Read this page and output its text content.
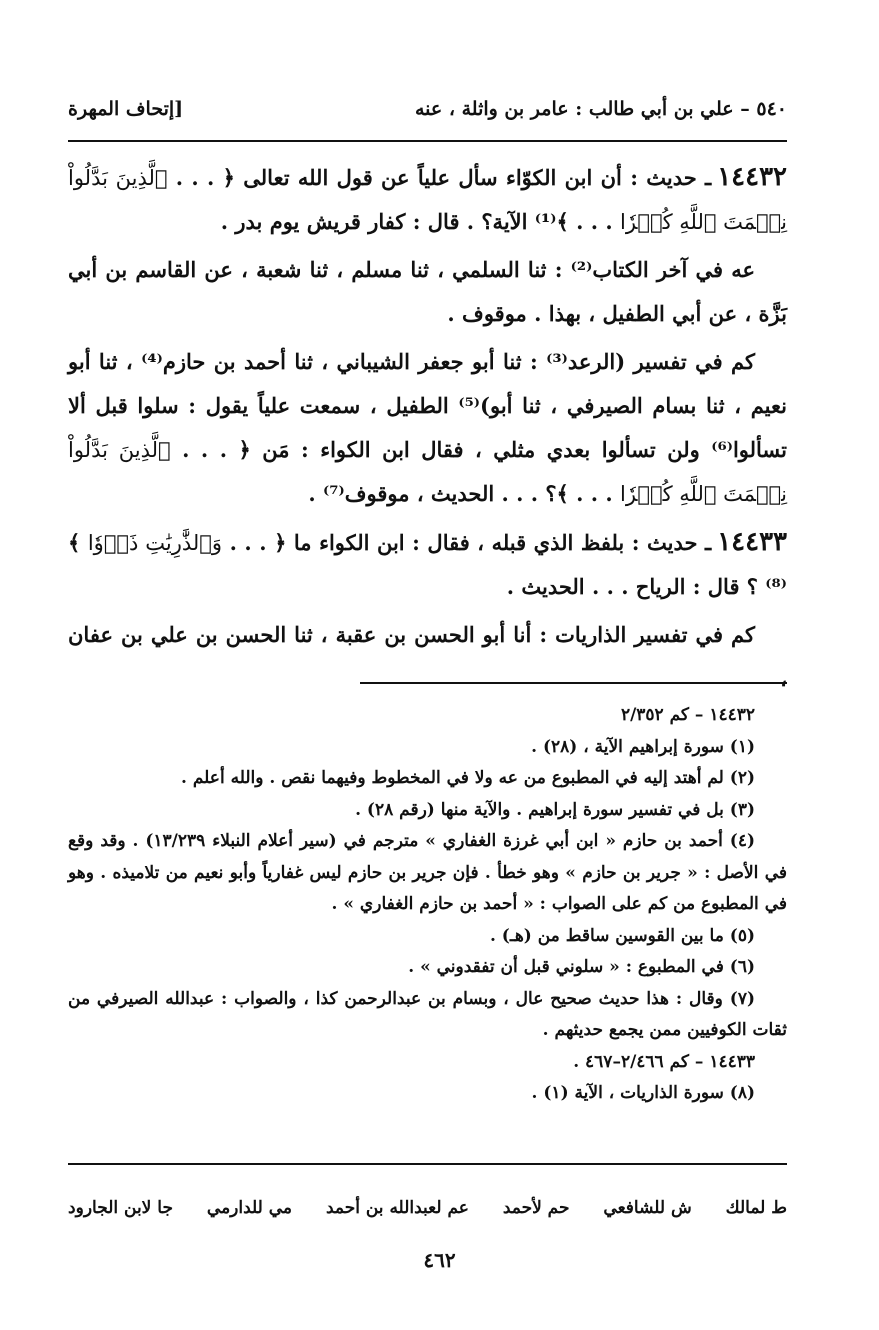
٥٤٠ – علي بن أبي طالب : عامر بن واثلة ، عنه
[إتحاف المهرة

١٤٤٣٢ـ حديث : أن ابن الكوّاء سأل علياً عن قول الله تعالى ﴿ . . . ٱلَّذِينَ بَدَّلُواْ نِعۡمَتَ ٱللَّهِ كُفۡرٗا . . . ﴾⁽¹⁾ الآية؟ . قال : كفار قريش يوم بدر .

عه في آخر الكتاب⁽²⁾ : ثنا السلمي ، ثنا مسلم ، ثنا شعبة ، عن القاسم بن أبي بَزَّة ، عن أبي الطفيل ، بهذا . موقوف .

كم في تفسير (الرعد⁽³⁾ : ثنا أبو جعفر الشيباني ، ثنا أحمد بن حازم⁽⁴⁾ ، ثنا أبو نعيم ، ثنا بسام الصيرفي ، ثنا أبو)⁽⁵⁾ الطفيل ، سمعت علياً يقول : سلوا قبل ألا تسألوا⁽⁶⁾ ولن تسألوا بعدي مثلي ، فقال ابن الكواء : مَن ﴿ . . . ٱلَّذِينَ بَدَّلُواْ نِعۡمَتَ ٱللَّهِ كُفۡرٗا . . . ﴾؟ . . . الحديث ، موقوف⁽⁷⁾ .

١٤٤٣٣ـ حديث : بلفظ الذي قبله ، فقال : ابن الكواء ما ﴿ . . . وَٱلذَّٰرِيَٰتِ ذَرۡوٗا ﴾⁽⁸⁾ ؟ قال : الرياح . . . الحديث .

كم في تفسير الذاريات : أنا أبو الحسن بن عقبة ، ثنا الحسن بن علي بن عفان ،

١٤٤٣٢ – كم ٢/٣٥٢

(١) سورة إبراهيم الآية ، (٢٨) .

(٢) لم أهتد إليه في المطبوع من عه ولا في المخطوط وفيهما نقص . والله أعلم .

(٣) بل في تفسير سورة إبراهيم . والآية منها (رقم ٢٨) .

(٤) أحمد بن حازم « ابن أبي غرزة الغفاري » مترجم في (سير أعلام النبلاء ١٣/٢٣٩) . وقد وقع في الأصل : « جرير بن حازم » وهو خطأ . فإن جرير بن حازم ليس غفارياً وأبو نعيم من تلاميذه . وهو في المطبوع من كم على الصواب : « أحمد بن حازم الغفاري » .

(٥) ما بين القوسين ساقط من (هـ) .

(٦) في المطبوع : « سلوني قبل أن تفقدوني » .

(٧) وقال : هذا حديث صحيح عال ، وبسام بن عبدالرحمن كذا ، والصواب : عبدالله الصيرفي من ثقات الكوفيين ممن يجمع حديثهم .

١٤٤٣٣ – كم ٢/٤٦٦–٤٦٧ .

(٨) سورة الذاريات ، الآية (١) .

ط لمالك
ش للشافعي
حم لأحمد
عم لعبدالله بن أحمد
مي للدارمي
جا لابن الجارود
٤٦٢
